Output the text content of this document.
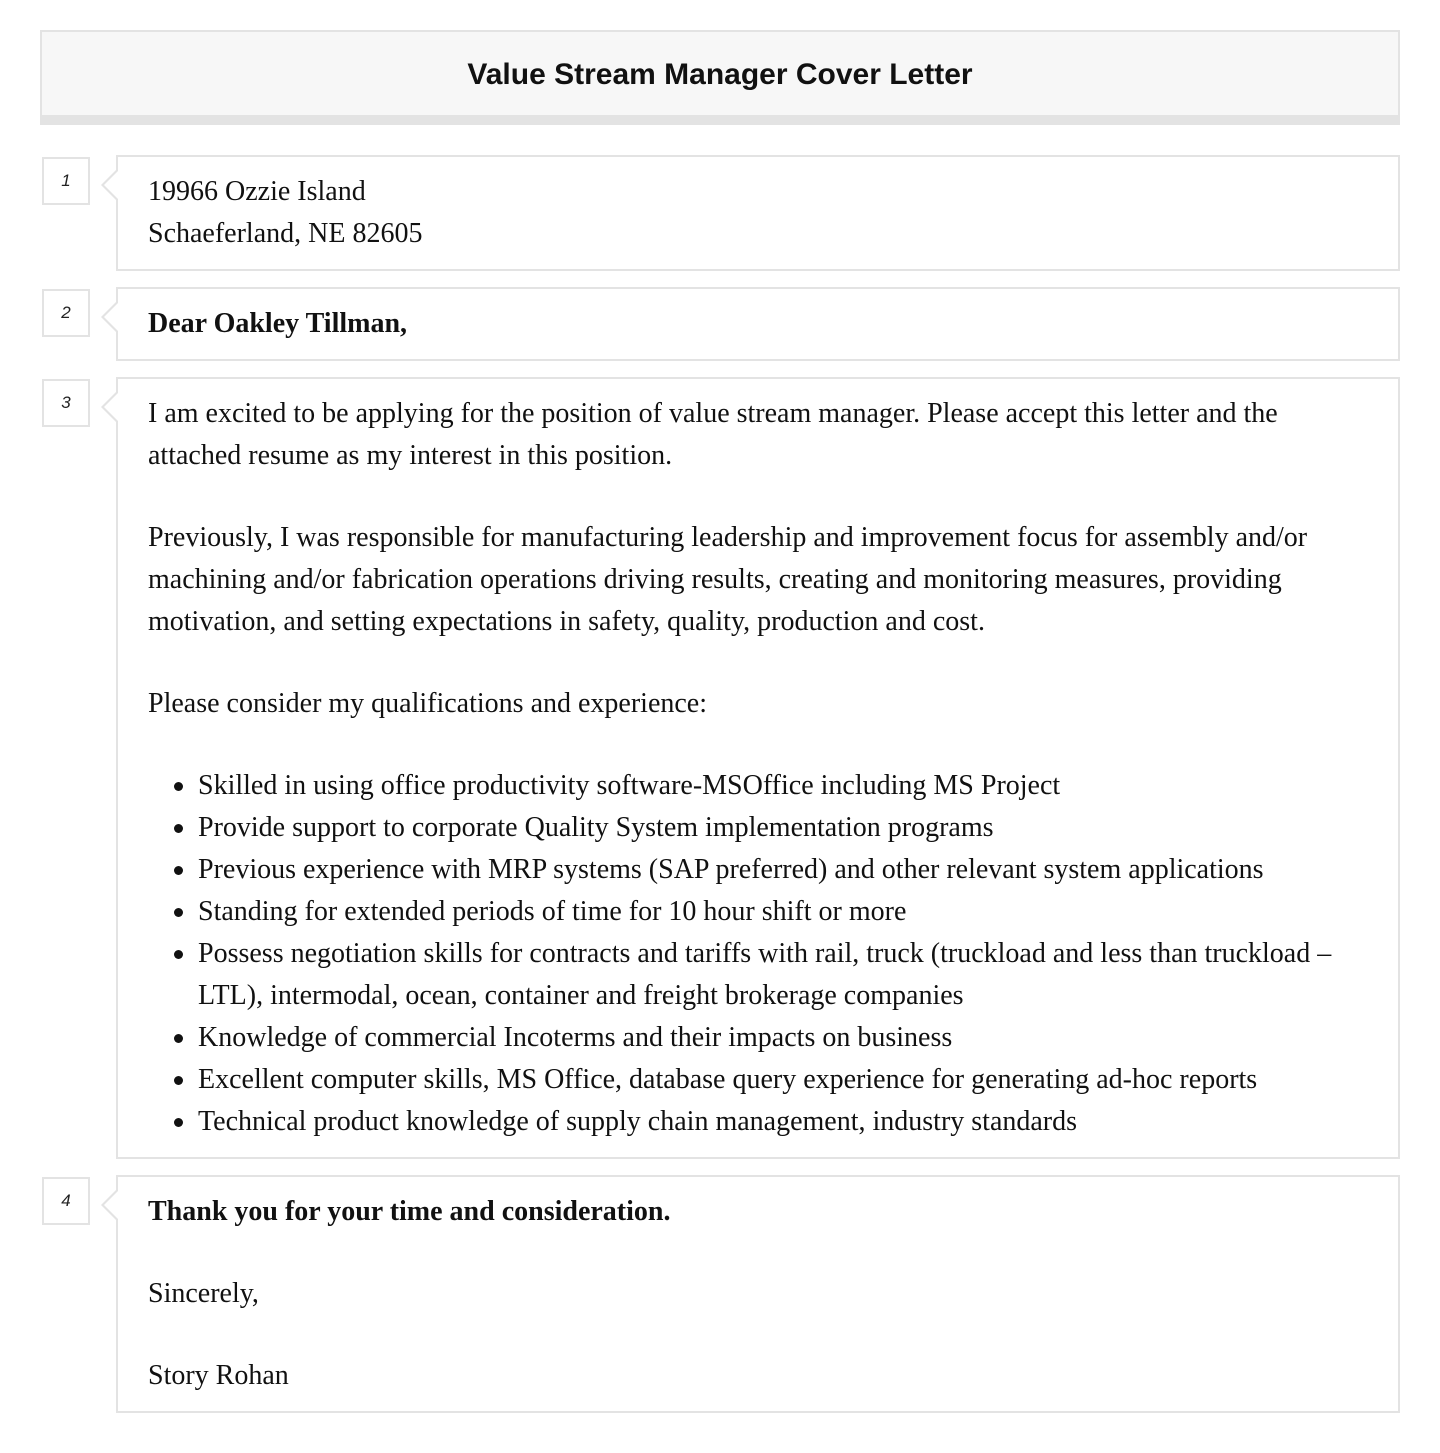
Value Stream Manager Cover Letter
1	19966 Ozzie Island
Schaeferland, NE 82605
2	Dear Oakley Tillman,
3	I am excited to be applying for the position of value stream manager. Please accept this letter and the attached resume as my interest in this position.

Previously, I was responsible for manufacturing leadership and improvement focus for assembly and/or machining and/or fabrication operations driving results, creating and monitoring measures, providing motivation, and setting expectations in safety, quality, production and cost.

Please consider my qualifications and experience:

Skilled in using office productivity software-MSOffice including MS Project
Provide support to corporate Quality System implementation programs
Previous experience with MRP systems (SAP preferred) and other relevant system applications
Standing for extended periods of time for 10 hour shift or more
Possess negotiation skills for contracts and tariffs with rail, truck (truckload and less than truckload – LTL), intermodal, ocean, container and freight brokerage companies
Knowledge of commercial Incoterms and their impacts on business
Excellent computer skills, MS Office, database query experience for generating ad-hoc reports
Technical product knowledge of supply chain management, industry standards
4	Thank you for your time and consideration.

Sincerely,

Story Rohan
